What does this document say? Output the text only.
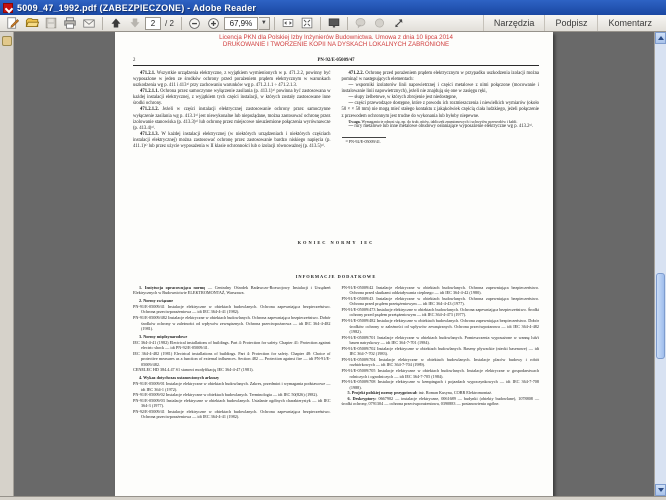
5009_47_1992.pdf (ZABEZPIECZONE) - Adobe Reader
2	/ 2	67,9%	▼	Narzędzia	Podpisz	Komentarz
Licencja PKN dla Polskiej Izby Inżynierów Budownictwa. Umowa z dnia 10 lipca 2014
DRUKOWANIE I TWORZENIE KOPII NA DYSKACH LOKALNYCH ZABRONIONE
2	PN-92/E-05009/47
471.2.1. Wszystkie urządzenia elektryczne, z wyjątkiem wymienionych w p. 471.2.2, powinny być wyposażone w jeden ze środków ochrony przed porażeniem prądem elektrycznym w warunkach uszkodzenia wg p. 411 i 413¹⁾ przy zachowaniu warunków wg p. 471.2.1.1 ÷ 471.2.1.3.
471.2.1.1. Ochrona przez samoczynne wyłączenie zasilania (p. 413.1)¹⁾ powinna być zastosowana w każdej instalacji elektrycznej, z wyjątkiem tych części instalacji, w których zostały zastosowane inne środki ochrony.
471.2.1.2. Jeżeli w części instalacji elektrycznej zastosowanie ochrony przez samoczynne wyłączenie zasilania wg p. 413.1¹⁾ jest niewykonalne lub niepożądane, można zastosować ochronę przez izolowanie stanowiska (p. 413.3)¹⁾ lub ochronę przez miejscowe nieuziemione połączenia wyrównawcze (p. 413.4)¹⁾.
471.2.1.3. W każdej instalacji elektrycznej (w niektórych urządzeniach i niektórych częściach instalacji elektrycznej) można zastosować ochronę przez zastosowanie bardzo niskiego napięcia (p. 411.1)¹⁾ lub przez użycie wyposażenia w II klasie ochronności lub o izolacji równoważnej (p. 413.5)¹⁾.
471.2.2. Ochronę przed porażeniem prądem elektrycznym w przypadku uszkodzenia izolacji można pominąć w następujących elementach:
— wsporniki izolatorów linii napowietrznej i części metalowe z nimi połączone (mocowanie i instalowanie linii napowietrznych), jeżeli nie znajdują się one w zasięgu ręki,
— słupy żelbetowe, w których zbrojenie jest niedostępne,
— części przewodzące dostępne, które z powodu ich rozmieszczenia i niewielkich wymiarów (około 50 × × 50 mm) nie mogą mieć stałego kontaktu z jakąkolwiek częścią ciała ludzkiego, jeżeli połączenie z przewodem ochronnym jest trudne do wykonania lub byłoby niepewne.
Uwaga. Wymagania te odnosi się, np. do śrub, nitów, tabliczek znamionowych i uchwytów przewodów i kabli.
— rury metalowe lub inne metalowe obudowy osłaniające wyposażenie elektryczne wg p. 413.2¹⁾.
¹⁾ PN-92/E-05009/41.
KONIEC NORMY IEC
INFORMACJE DODATKOWE
1. Instytucja opracowująca normę — Centralny Ośrodek Badawczo-Rozwojowy Instalacji i Urządzeń Elektrycznych w Budownictwie ELEKTROMONTAŻ, Warszawa.
2. Normy związane
PN-91/E-05009/41 Instalacje elektryczne w obiektach budowlanych. Ochrona zapewniająca bezpieczeństwo. Ochrona przeciwporażeniowa — idt IEC 364-4-41 (1982).
PN-91/E-05009/482 Instalacje elektryczne w obiektach budowlanych. Ochrona zapewniająca bezpieczeństwo. Dobór środków ochrony w zależności od wpływów zewnętrznych. Ochrona przeciwpożarowa — idt IEC 364-4-482 (1981).
3. Normy międzynarodowe
IEC 364-4-41 (1982) Electrical installations of buildings. Part 4: Protection for safety. Chapter 41: Protection against electric shock — idt PN-92/E-05009/41.
IEC 364-4-482 (1981) Electrical installations of buildings. Part 4: Protection for safety. Chapter 48: Choice of protective measures as a function of external influences. Section 482 — Protection against fire — idt PN-91/E-05009/482.
CENELEC HD 384.4.47 S1 stanowi modyfikację IEC 364-4-47 (1981).
4. Wykaz dotychczas ustanowionych arkuszy
PN-91/E-05009/01 Instalacje elektryczne w obiektach budowlanych. Zakres, przedmiot i wymagania podstawowe — idt IEC 364-1 (1972).
PN-91/E-05009/02 Instalacje elektryczne w obiektach budowlanych. Terminologia — idt IEC 50(826) (1982).
PN-91/E-05009/03 Instalacje elektryczne w obiektach budowlanych. Ustalanie ogólnych charakterystyk — idt IEC 364-3 (1977).
PN-92/E-05009/41 Instalacje elektryczne w obiektach budowlanych. Ochrona zapewniająca bezpieczeństwo. Ochrona przeciwporażeniowa — idt IEC 364-4-41 (1982).
PN-91/E-05009/42 Instalacje elektryczne w obiektach budowlanych. Ochrona zapewniająca bezpieczeństwo. Ochrona przed skutkami oddziaływania cieplnego — idt IEC 364-4-42 (1980).
PN-91/E-05009/43 Instalacje elektryczne w obiektach budowlanych. Ochrona zapewniająca bezpieczeństwo. Ochrona przed prądem przetężeniowym — idt IEC 364-4-43 (1977).
PN-91/E-05009/473 Instalacje elektryczne w obiektach budowlanych. Ochrona zapewniająca bezpieczeństwo. Środki ochrony przed prądem przetężeniowym — idt IEC 364-4-473 (1977).
PN-91/E-05009/482 Instalacje elektryczne w obiektach budowlanych. Ochrona zapewniająca bezpieczeństwo. Dobór środków ochrony w zależności od wpływów zewnętrznych. Ochrona przeciwpożarowa — idt IEC 364-4-482 (1982).
PN-91/E-05009/701 Instalacje elektryczne w obiektach budowlanych. Pomieszczenia wyposażone w wannę lub/i basen natryskowy — idt IEC 364-7-701 (1984).
PN-91/E-05009/702 Instalacje elektryczne w obiektach budowlanych. Baseny pływackie (niecki basenowe) — idt IEC 364-7-702 (1983).
PN-91/E-05009/704 Instalacje elektryczne w obiektach budowlanych. Instalacje placów budowy i robót rozbiórkowych — idt IEC 364-7-704 (1989).
PN-91/E-05009/705 Instalacje elektryczne w obiektach budowlanych. Instalacje elektryczne w gospodarstwach rolniczych i ogrodniczych — idt IEC 364-7-705 (1984).
PN-91/E-05009/708 Instalacje elektryczne w kempingach i pojazdach wypoczynkowych — idt IEC 364-7-708 (1988).
5. Projekt polskiej normy przygotował: inż. Roman Kusyna, COBR Elektromontaż.
6. Deskryptory: 0667902 — instalacje elektryczne, 0061689 — budynki (obiekty budowlane), 1078808 — środki ochrony, 0791304 — ochrona przeciwporażeniowa, 0390883 — postanowienia ogólne.
